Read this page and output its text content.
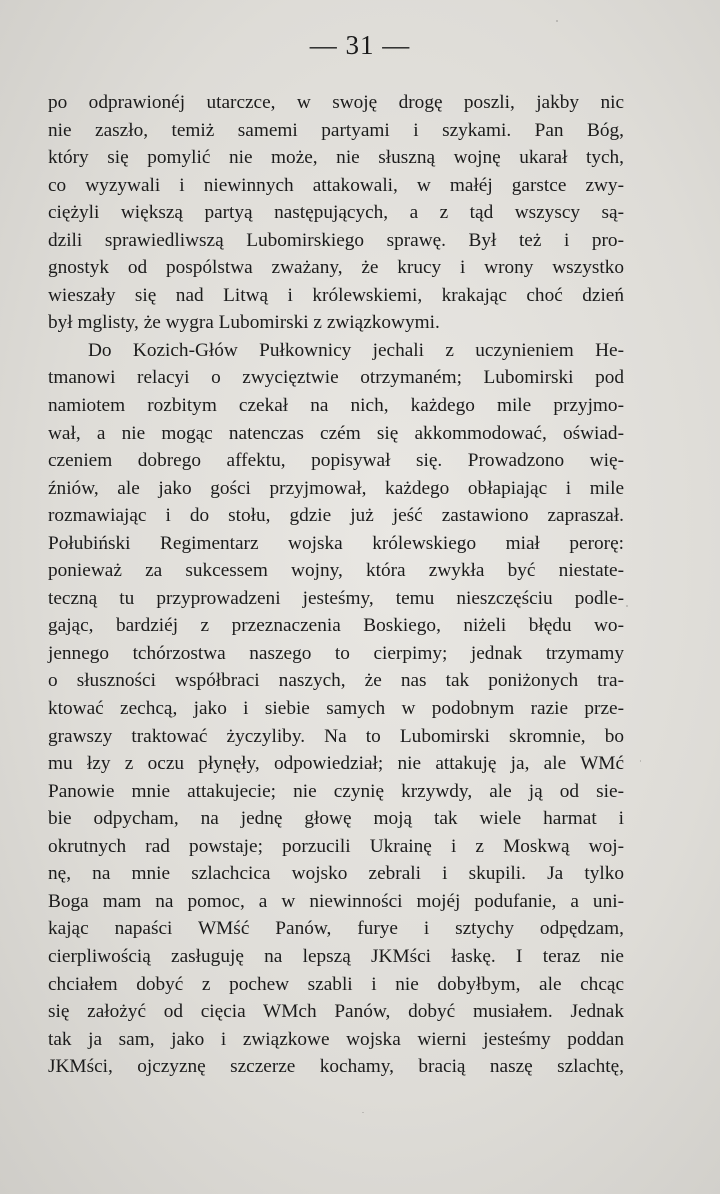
— 31 —
po odprawionéj utarczce, w swoję drogę poszli, jakby nic
nie zaszło, temiż samemi partyami i szykami. Pan Bóg,
który się pomylić nie może, nie słuszną wojnę ukarał tych,
co wyzywali i niewinnych attakowali, w małéj garstce zwy-
ciężyli większą partyą następujących, a z tąd wszyscy są-
dzili sprawiedliwszą Lubomirskiego sprawę. Był też i pro-
gnostyk od pospólstwa zważany, że krucy i wrony wszystko
wieszały się nad Litwą i królewskiemi, krakając choć dzień
był mglisty, że wygra Lubomirski z związkowymi.
Do Kozich-Głów Pułkownicy jechali z uczynieniem He-
tmanowi relacyi o zwycięztwie otrzymaném; Lubomirski pod
namiotem rozbitym czekał na nich, każdego mile przyjmo-
wał, a nie mogąc natenczas czém się akkommodować, oświad-
czeniem dobrego affektu, popisywał się. Prowadzono wię-
źniów, ale jako gości przyjmował, każdego obłapiając i mile
rozmawiając i do stołu, gdzie już jeść zastawiono zapraszał.
Połubiński Regimentarz wojska królewskiego miał perorę:
ponieważ za sukcessem wojny, która zwykła być niestate-
teczną tu przyprowadzeni jesteśmy, temu nieszczęściu podle-
gając, bardziéj z przeznaczenia Boskiego, niżeli błędu wo-
jennego tchórzostwa naszego to cierpimy; jednak trzymamy
o słuszności współbraci naszych, że nas tak poniżonych tra-
ktować zechcą, jako i siebie samych w podobnym razie prze-
grawszy traktować życzyliby. Na to Lubomirski skromnie, bo
mu łzy z oczu płynęły, odpowiedział; nie attakuję ja, ale WMć
Panowie mnie attakujecie; nie czynię krzywdy, ale ją od sie-
bie odpycham, na jednę głowę moją tak wiele harmat i
okrutnych rad powstaje; porzucili Ukrainę i z Moskwą woj-
nę, na mnie szlachcica wojsko zebrali i skupili. Ja tylko
Boga mam na pomoc, a w niewinności mojéj podufanie, a uni-
kając napaści WMść Panów, furye i sztychy odpędzam,
cierpliwością zasługuję na lepszą JKMści łaskę. I teraz nie
chciałem dobyć z pochew szabli i nie dobyłbym, ale chcąc
się założyć od cięcia WMch Panów, dobyć musiałem. Jednak
tak ja sam, jako i związkowe wojska wierni jesteśmy poddan
JKMści, ojczyznę szczerze kochamy, bracią naszę szlachtę,
